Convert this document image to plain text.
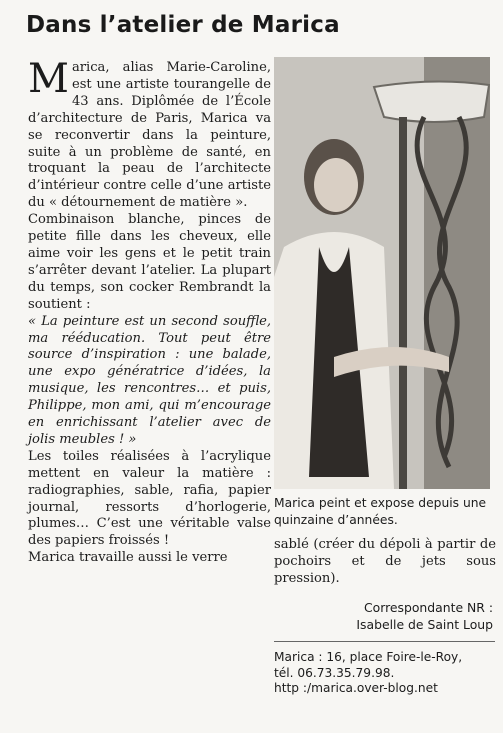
Dans l’atelier de Marica

Marica, alias Marie-Caroline, est une artiste tourangelle de 43 ans. Diplômée de l’École d’architecture de Paris, Marica va se reconvertir dans la peinture, suite à un problème de santé, en troquant la peau de l’architecte d’intérieur contre celle d’une artiste du « détournement de matière ».

Combinaison blanche, pinces de petite fille dans les cheveux, elle aime voir les gens et le petit train s’arrêter devant l’atelier. La plupart du temps, son cocker Rembrandt la soutient :

« La peinture est un second souffle, ma rééducation. Tout peut être source d’inspiration : une balade, une expo génératrice d’idées, la musique, les rencontres… et puis, Philippe, mon ami, qui m’encourage en enrichissant l’atelier avec de jolis meubles ! »

Les toiles réalisées à l’acrylique mettent en valeur la matière : radiographies, sable, rafia, papier journal, ressorts d’horlogerie, plumes… C’est une véritable valse des papiers froissés !

Marica travaille aussi le verre

Marica peint et expose depuis une quinzaine d’années.

sablé (créer du dépoli à partir de pochoirs et de jets sous pression).

Correspondante NR :
Isabelle de Saint Loup
Marica : 16, place Foire-le-Roy,
tél. 06.73.35.79.98.
http :/marica.over-blog.net
